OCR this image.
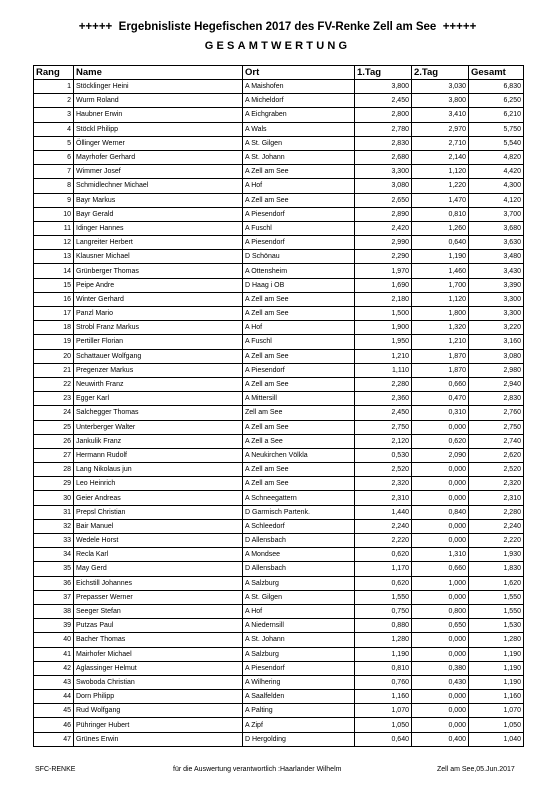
+++++  Ergebnisliste Hegefischen 2017 des FV-Renke Zell am See  +++++
GESAMTWERTUNG
Rang	Name	Ort	1.Tag	2.Tag	Gesamt
1	Stöcklinger Heini	A Maishofen	3,800	3,030	6,830
2	Wurm Roland	A Micheldorf	2,450	3,800	6,250
3	Haubner Erwin	A Eichgraben	2,800	3,410	6,210
4	Stöckl Philipp	A Wals	2,780	2,970	5,750
5	Öllinger Werner	A St. Gilgen	2,830	2,710	5,540
6	Mayrhofer Gerhard	A St. Johann	2,680	2,140	4,820
7	Wimmer Josef	A Zell am See	3,300	1,120	4,420
8	Schmidlechner Michael	A Hof	3,080	1,220	4,300
9	Bayr Markus	A Zell am See	2,650	1,470	4,120
10	Bayr Gerald	A Piesendorf	2,890	0,810	3,700
11	Idinger Hannes	A Fuschl	2,420	1,260	3,680
12	Langreiter Herbert	A Piesendorf	2,990	0,640	3,630
13	Klausner Michael	D Schönau	2,290	1,190	3,480
14	Grünberger Thomas	A Ottensheim	1,970	1,460	3,430
15	Peipe Andre	D Haag i OB	1,690	1,700	3,390
16	Winter Gerhard	A Zell am See	2,180	1,120	3,300
17	Panzl Mario	A Zell am See	1,500	1,800	3,300
18	Strobl Franz Markus	A Hof	1,900	1,320	3,220
19	Pertiller Florian	A Fuschl	1,950	1,210	3,160
20	Schattauer Wolfgang	A Zell am See	1,210	1,870	3,080
21	Pregenzer Markus	A Piesendorf	1,110	1,870	2,980
22	Neuwirth Franz	A Zell am See	2,280	0,660	2,940
23	Egger Karl	A Mittersill	2,360	0,470	2,830
24	Salchegger Thomas	Zell am See	2,450	0,310	2,760
25	Unterberger Walter	A Zell am See	2,750	0,000	2,750
26	Jankulik Franz	A Zell a See	2,120	0,620	2,740
27	Hermann Rudolf	A Neukirchen Völkla	0,530	2,090	2,620
28	Lang Nikolaus jun	A Zell am See	2,520	0,000	2,520
29	Leo Heinrich	A Zell am See	2,320	0,000	2,320
30	Geier Andreas	A Schneegattern	2,310	0,000	2,310
31	Prepsl Christian	D Garmisch Partenk.	1,440	0,840	2,280
32	Bair Manuel	A Schleedorf	2,240	0,000	2,240
33	Wedele Horst	D Allensbach	2,220	0,000	2,220
34	Recla Karl	A Mondsee	0,620	1,310	1,930
35	May Gerd	D Allensbach	1,170	0,660	1,830
36	Eichstill Johannes	A Salzburg	0,620	1,000	1,620
37	Prepasser Werner	A St. Gilgen	1,550	0,000	1,550
38	Seeger Stefan	A Hof	0,750	0,800	1,550
39	Putzas Paul	A Niedernsill	0,880	0,650	1,530
40	Bacher Thomas	A St. Johann	1,280	0,000	1,280
41	Mairhofer Michael	A Salzburg	1,190	0,000	1,190
42	Aglassinger Helmut	A Piesendorf	0,810	0,380	1,190
43	Swoboda Christian	A Wilhering	0,760	0,430	1,190
44	Dorn Philipp	A Saalfelden	1,160	0,000	1,160
45	Rud Wolfgang	A Palting	1,070	0,000	1,070
46	Pühringer Hubert	A Zipf	1,050	0,000	1,050
47	Grünes Erwin	D Hergolding	0,640	0,400	1,040
SFC-RENKE	für die Auswertung verantwortlich :Haarlander Wilhelm	Zell am See,05.Jun.2017
